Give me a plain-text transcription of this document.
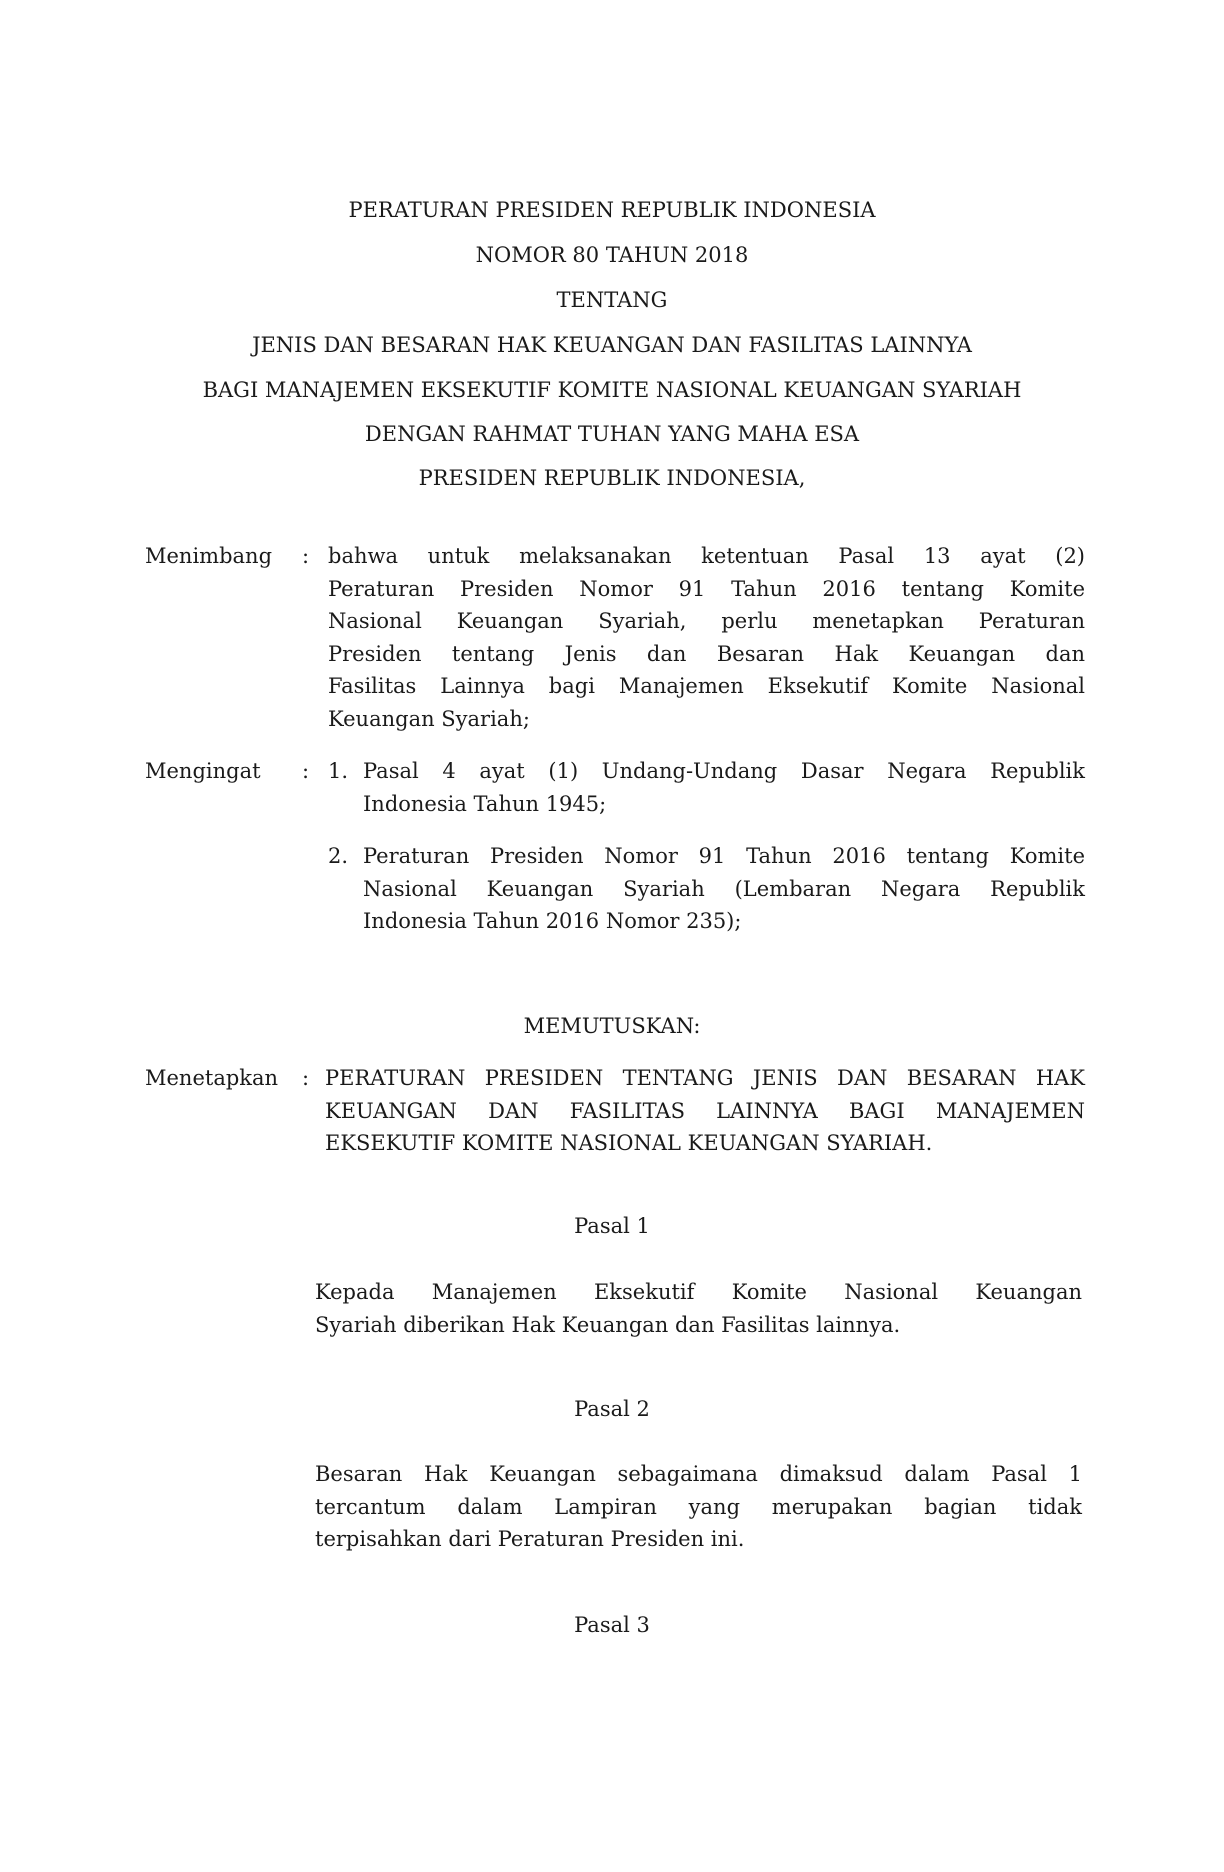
PERATURAN PRESIDEN REPUBLIK INDONESIA
NOMOR 80 TAHUN 2018
TENTANG
JENIS DAN BESARAN HAK KEUANGAN DAN FASILITAS LAINNYA
BAGI MANAJEMEN EKSEKUTIF KOMITE NASIONAL KEUANGAN SYARIAH
DENGAN RAHMAT TUHAN YANG MAHA ESA
PRESIDEN REPUBLIK INDONESIA,
Menimbang : bahwa untuk melaksanakan ketentuan Pasal 13 ayat (2)
Peraturan Presiden Nomor 91 Tahun 2016 tentang Komite
Nasional Keuangan Syariah, perlu menetapkan Peraturan
Presiden tentang Jenis dan Besaran Hak Keuangan dan
Fasilitas Lainnya bagi Manajemen Eksekutif Komite Nasional
Keuangan Syariah;
Mengingat : 1. Pasal 4 ayat (1) Undang-Undang Dasar Negara Republik
Indonesia Tahun 1945;
2. Peraturan Presiden Nomor 91 Tahun 2016 tentang Komite
Nasional Keuangan Syariah (Lembaran Negara Republik
Indonesia Tahun 2016 Nomor 235);
MEMUTUSKAN:
Menetapkan : PERATURAN PRESIDEN TENTANG JENIS DAN BESARAN HAK
KEUANGAN DAN FASILITAS LAINNYA BAGI MANAJEMEN
EKSEKUTIF KOMITE NASIONAL KEUANGAN SYARIAH.
Pasal 1
Kepada Manajemen Eksekutif Komite Nasional Keuangan
Syariah diberikan Hak Keuangan dan Fasilitas lainnya.
Pasal 2
Besaran Hak Keuangan sebagaimana dimaksud dalam Pasal 1
tercantum dalam Lampiran yang merupakan bagian tidak
terpisahkan dari Peraturan Presiden ini.
Pasal 3
